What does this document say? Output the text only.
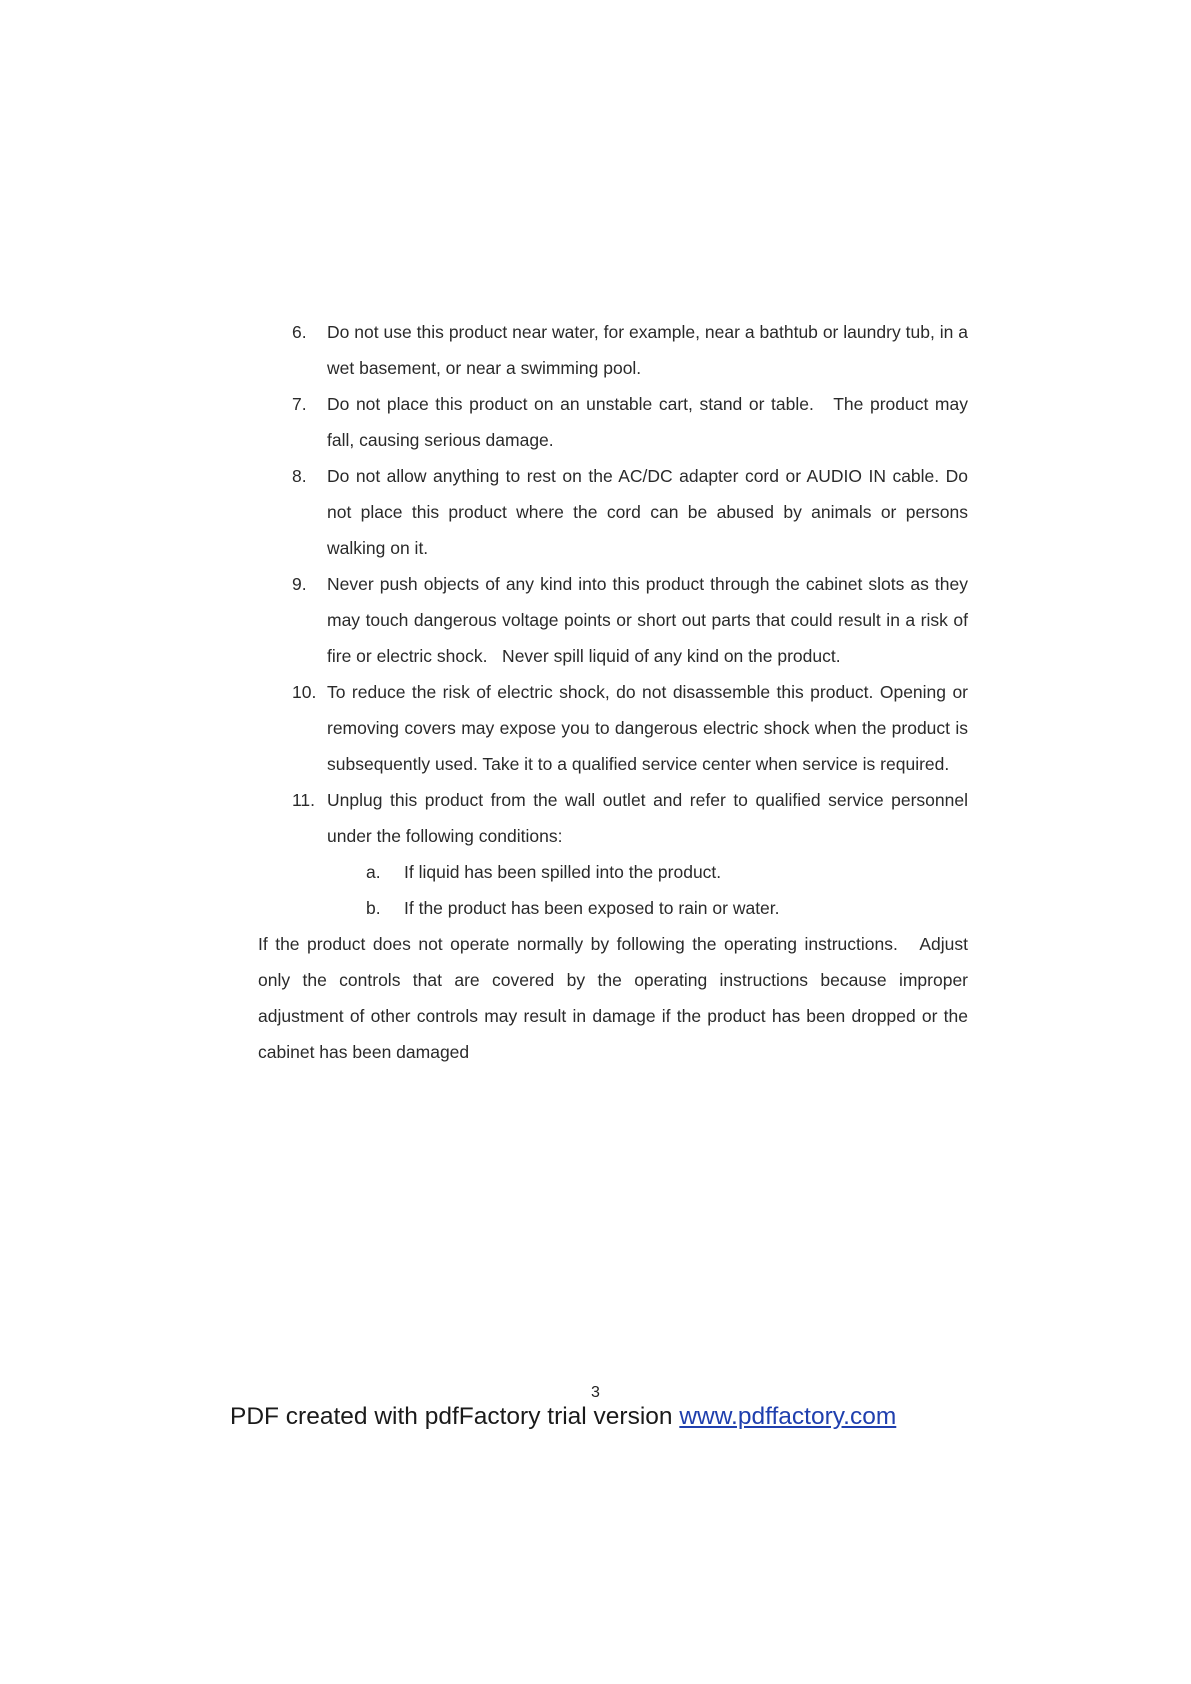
6.	Do not use this product near water, for example, near a bathtub or laundry tub, in a wet basement, or near a swimming pool.
7.	Do not place this product on an unstable cart, stand or table.   The product may fall, causing serious damage.
8.	Do not allow anything to rest on the AC/DC adapter cord or AUDIO IN cable. Do not place this product where the cord can be abused by animals or persons walking on it.
9.	Never push objects of any kind into this product through the cabinet slots as they may touch dangerous voltage points or short out parts that could result in a risk of fire or electric shock.   Never spill liquid of any kind on the product.
10. To reduce the risk of electric shock, do not disassemble this product. Opening or removing covers may expose you to dangerous electric shock when the product is subsequently used. Take it to a qualified service center when service is required.
11. Unplug this product from the wall outlet and refer to qualified service personnel under the following conditions:
a.	If liquid has been spilled into the product.
b.	If the product has been exposed to rain or water.
If the product does not operate normally by following the operating instructions.   Adjust only the controls that are covered by the operating instructions because improper adjustment of other controls may result in damage if the product has been dropped or the cabinet has been damaged
3
PDF created with pdfFactory trial version www.pdffactory.com
